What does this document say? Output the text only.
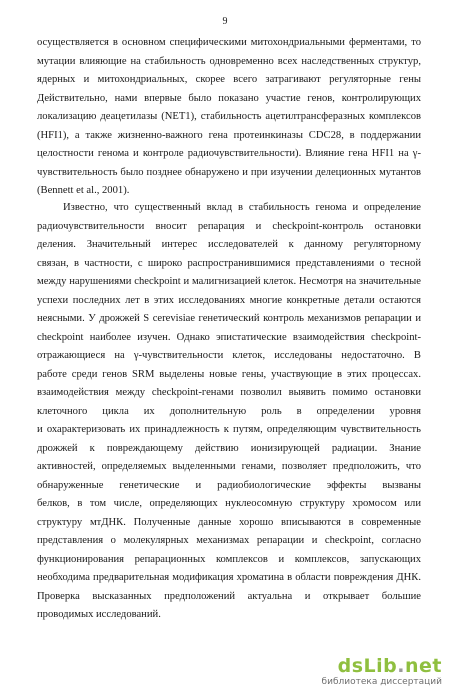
9
осуществляется в основном специфическими митохондриальными ферментами, то
мутации влияющие на стабильность одновременно всех наследственных структур,
ядерных и митохондриальных, скорее всего затрагивают регуляторные гены
Действительно, нами впервые было показано участие генов, контролирующих
локализацию деацетилазы (NET1), стабильность ацетилтрансферазных комплексов
(HFI1), а также жизненно-важного гена протеинкиназы CDC28, в поддержании
целостности генома и контроле радиочувствительности). Влияние гена HFI1 на γ-
чувствительность было позднее обнаружено и при изучении делеционных мутантов
(Bennett et al., 2001).
Известно, что существенный вклад в стабильность генома и определение
радиочувствительности вносит репарация и checkpoint-контроль остановки
деления. Значительный интерес исследователей к данному регуляторному
связан, в частности, с широко распространившимися представлениями о тесной
между нарушениями checkpoint и малигнизацией клеток. Несмотря на значительные
успехи последних лет в этих исследованиях многие конкретные детали остаются
неясными. У дрожжей S cerevisiae генетический контроль механизмов репарации и
checkpoint наиболее изучен. Однако эпистатические взаимодействия checkpoint-
отражающиеся на γ-чувствительности клеток, исследованы недостаточно. В
работе среди генов SRM выделены новые гены, участвующие в этих процессах.
взаимодействия между checkpoint-генами позволил выявить помимо остановки
клеточного цикла их дополнительную роль в определении уровня
и охарактеризовать их принадлежность к путям, определяющим чувствительность
дрожжей к повреждающему действию ионизирующей радиации. Знание
активностей, определяемых выделенными генами, позволяет предположить, что
обнаруженные генетические и радиобиологические эффекты вызваны
белков, в том числе, определяющих нуклеосомную структуру хромосом или
структуру мтДНК. Полученные данные хорошо вписываются в современные
представления о молекулярных механизмах репарации и checkpoint, согласно
функционирования репарационных комплексов и комплексов, запускающих
необходима предварительная модификация хроматина в области повреждения ДНК.
Проверка высказанных предположений актуальна и открывает большие
проводимых исследований.
dsLib.net
библиотека диссертаций
